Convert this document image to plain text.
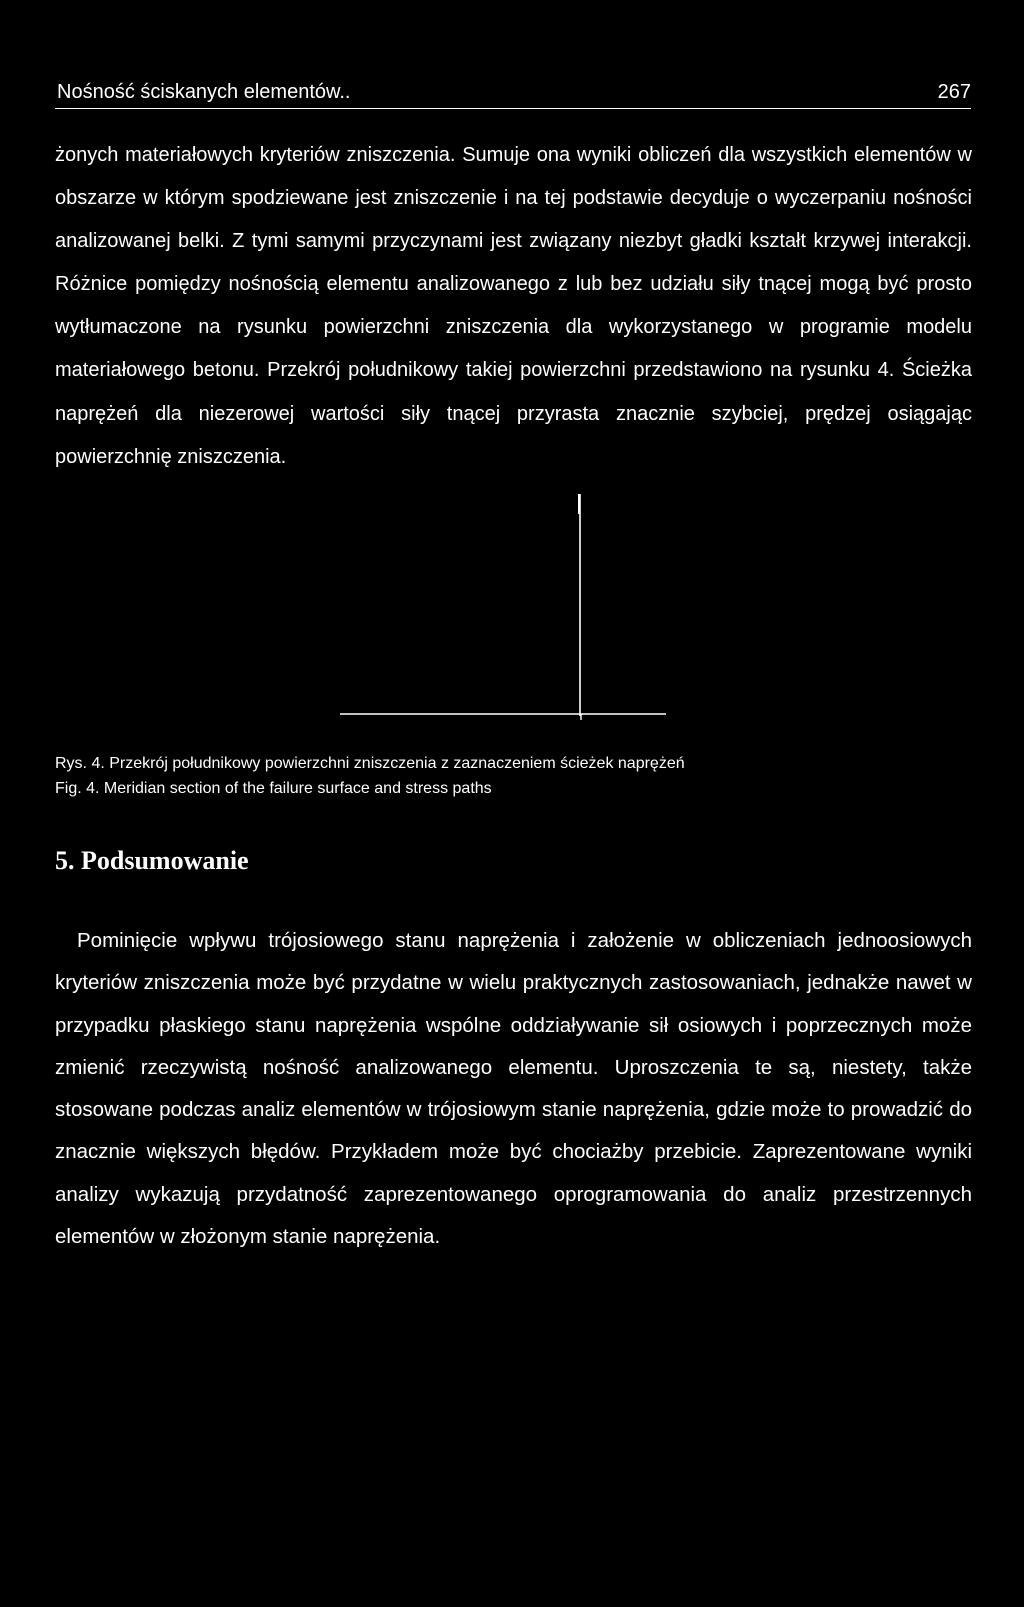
Nośność ściskanych elementów..	267

żonych materiałowych kryteriów zniszczenia. Sumuje ona wyniki obliczeń dla wszystkich elementów w obszarze w którym spodziewane jest zniszczenie i na tej podstawie decyduje o wyczerpaniu nośności analizowanej belki. Z tymi samymi przyczynami jest związany niezbyt gładki kształt krzywej interakcji. Różnice pomiędzy nośnością elementu analizowanego z lub bez udziału siły tnącej mogą być prosto wytłumaczone na rysunku powierzchni zniszczenia dla wykorzystanego w programie modelu materiałowego betonu. Przekrój południkowy takiej powierzchni przedstawiono na rysunku 4. Ścieżka naprężeń dla niezerowej wartości siły tnącej przyrasta znacznie szybciej, prędzej osiągając powierzchnię zniszczenia.

Rys. 4. Przekrój południkowy powierzchni zniszczenia z zaznaczeniem ścieżek naprężeń
Fig. 4. Meridian section of the failure surface and stress paths
5. Podsumowanie

Pominięcie wpływu trójosiowego stanu naprężenia i założenie w obliczeniach jednoosiowych kryteriów zniszczenia może być przydatne w wielu praktycznych zastosowaniach, jednakże nawet w przypadku płaskiego stanu naprężenia wspólne oddziaływanie sił osiowych i poprzecznych może zmienić rzeczywistą nośność analizowanego elementu. Uproszczenia te są, niestety, także stosowane podczas analiz elementów w trójosiowym stanie naprężenia, gdzie może to prowadzić do znacznie większych błędów. Przykładem może być chociażby przebicie. Zaprezentowane wyniki analizy wykazują przydatność zaprezentowanego oprogramowania do analiz przestrzennych elementów w złożonym stanie naprężenia.
